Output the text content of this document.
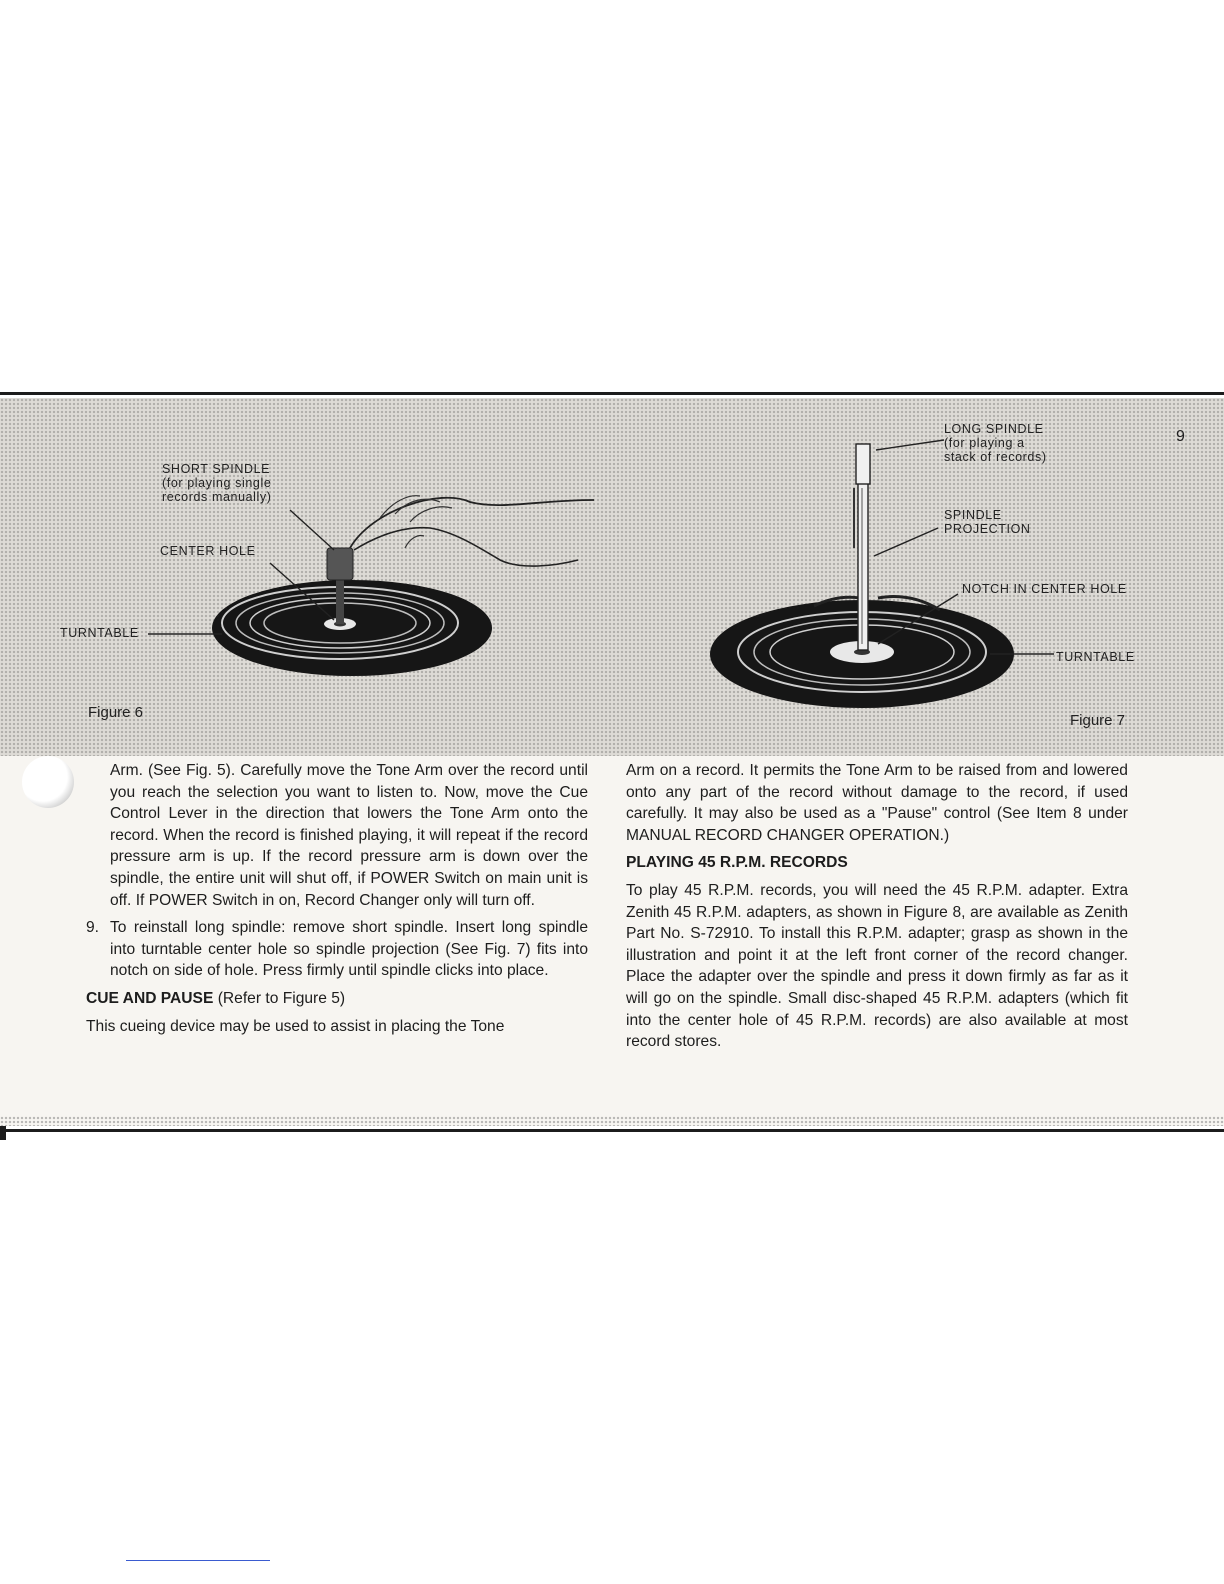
SHORT SPINDLE
(for playing single
records manually)
CENTER HOLE
TURNTABLE
Figure 6
LONG SPINDLE
(for playing a
stack of records)
SPINDLE
PROJECTION
NOTCH IN CENTER HOLE
TURNTABLE
Figure 7
9

Arm. (See Fig. 5). Carefully move the Tone Arm over the record until you reach the selection you want to listen to. Now, move the Cue Control Lever in the direction that lowers the Tone Arm onto the record. When the record is finished playing, it will repeat if the record pressure arm is up. If the record pressure arm is down over the spindle, the entire unit will shut off, if POWER Switch on main unit is off. If POWER Switch in on, Record Changer only will turn off.

9. To reinstall long spindle: remove short spindle. Insert long spindle into turntable center hole so spindle projection (See Fig. 7) fits into notch on side of hole. Press firmly until spindle clicks into place.

CUE AND PAUSE (Refer to Figure 5)

This cueing device may be used to assist in placing the Tone

Arm on a record. It permits the Tone Arm to be raised from and lowered onto any part of the record without damage to the record, if used carefully. It may also be used as a "Pause" control (See Item 8 under MANUAL RECORD CHANGER OPERATION.)

PLAYING 45 R.P.M. RECORDS

To play 45 R.P.M. records, you will need the 45 R.P.M. adapter. Extra Zenith 45 R.P.M. adapters, as shown in Figure 8, are available as Zenith Part No. S-72910. To install this R.P.M. adapter; grasp as shown in the illustration and point it at the left front corner of the record changer. Place the adapter over the spindle and press it down firmly as far as it will go on the spindle. Small disc-shaped 45 R.P.M. adapters (which fit into the center hole of 45 R.P.M. records) are also available at most record stores.
